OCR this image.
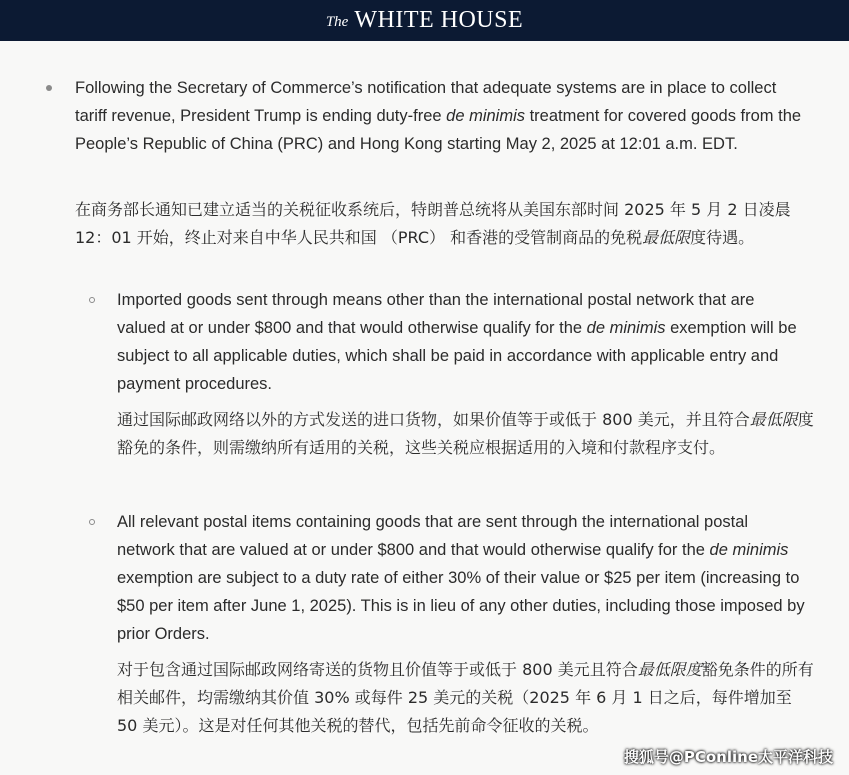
The WHITE HOUSE

Following the Secretary of Commerce’s notification that adequate systems are in place to collect tariff revenue, President Trump is ending duty-free de minimis treatment for covered goods from the People’s Republic of China (PRC) and Hong Kong starting May 2, 2025 at 12:01 a.m. EDT.

在商务部长通知已建立适当的关税征收系统后，特朗普总统将从美国东部时间 2025 年 5 月 2 日凌晨 12：01 开始，终止对来自中华人民共和国 （PRC） 和香港的受管制商品的免税最低限度待遇。

Imported goods sent through means other than the international postal network that are valued at or under $800 and that would otherwise qualify for the de minimis exemption will be subject to all applicable duties, which shall be paid in accordance with applicable entry and payment procedures.

通过国际邮政网络以外的方式发送的进口货物，如果价值等于或低于 800 美元，并且符合最低限度豁免的条件，则需缴纳所有适用的关税，这些关税应根据适用的入境和付款程序支付。

All relevant postal items containing goods that are sent through the international postal network that are valued at or under $800 and that would otherwise qualify for the de minimis exemption are subject to a duty rate of either 30% of their value or $25 per item (increasing to $50 per item after June 1, 2025). This is in lieu of any other duties, including those imposed by prior Orders.

对于包含通过国际邮政网络寄送的货物且价值等于或低于 800 美元且符合最低限度豁免条件的所有相关邮件，均需缴纳其价值 30% 或每件 25 美元的关税（2025 年 6 月 1 日之后，每件增加至 50 美元）。这是对任何其他关税的替代，包括先前命令征收的关税。

搜狐号@PConline太平洋科技
